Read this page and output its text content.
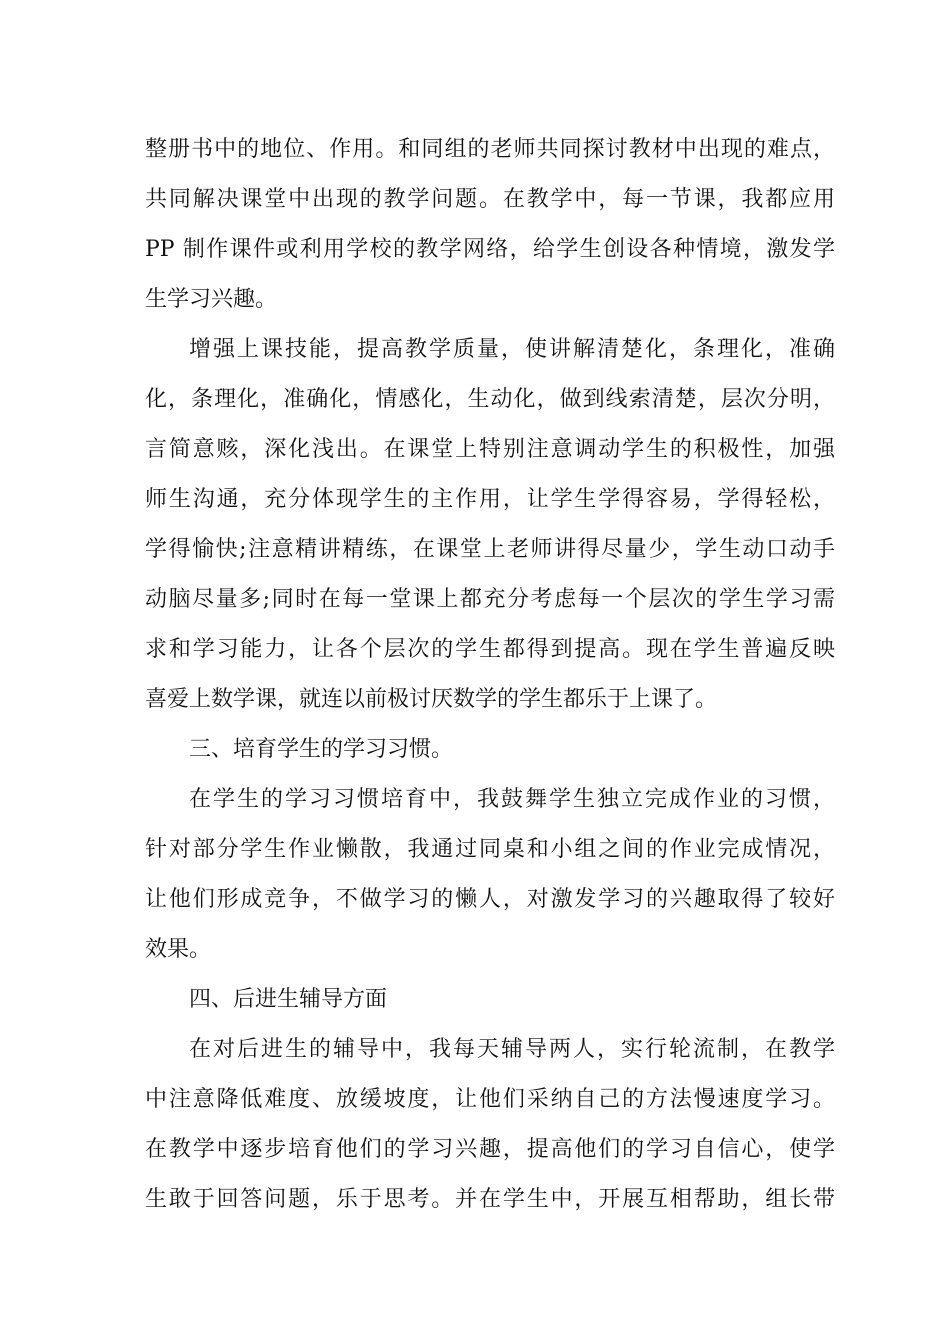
整册书中的地位、作用。和同组的老师共同探讨教材中出现的难点，
共同解决课堂中出现的教学问题。在教学中，每一节课，我都应用
PP 制作课件或利用学校的教学网络，给学生创设各种情境，激发学
生学习兴趣。
增强上课技能，提高教学质量，使讲解清楚化，条理化，准确
化，条理化，准确化，情感化，生动化，做到线索清楚，层次分明，
言简意赅，深化浅出。在课堂上特别注意调动学生的积极性，加强
师生沟通，充分体现学生的主作用，让学生学得容易，学得轻松，
学得愉快;注意精讲精练，在课堂上老师讲得尽量少，学生动口动手
动脑尽量多;同时在每一堂课上都充分考虑每一个层次的学生学习需
求和学习能力，让各个层次的学生都得到提高。现在学生普遍反映
喜爱上数学课，就连以前极讨厌数学的学生都乐于上课了。
三、培育学生的学习习惯。
在学生的学习习惯培育中，我鼓舞学生独立完成作业的习惯，
针对部分学生作业懒散，我通过同桌和小组之间的作业完成情况，
让他们形成竞争，不做学习的懒人，对激发学习的兴趣取得了较好
效果。
四、后进生辅导方面
在对后进生的辅导中，我每天辅导两人，实行轮流制，在教学
中注意降低难度、放缓坡度，让他们采纳自己的方法慢速度学习。
在教学中逐步培育他们的学习兴趣，提高他们的学习自信心，使学
生敢于回答问题，乐于思考。并在学生中，开展互相帮助，组长带
